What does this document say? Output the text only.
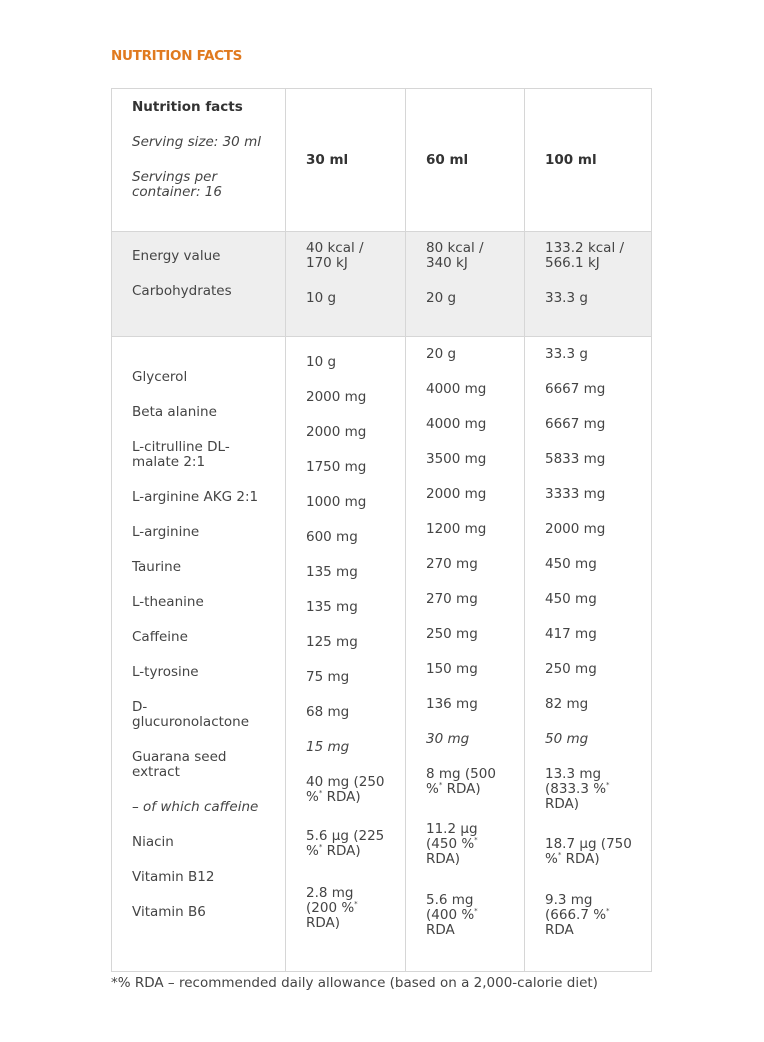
NUTRITION FACTS
Nutrition facts
Serving size: 30 ml
Servings per
container: 16
30 ml	60 ml	100 ml
Energy value
Carbohydrates
40 kcal /
170 kJ
10 g
80 kcal /
340 kJ
20 g
133.2 kcal /
566.1 kJ
33.3 g
Glycerol
Beta alanine
L-citrulline DL-
malate 2:1
L-arginine AKG 2:1
L-arginine
Taurine
L-theanine
Caffeine
L-tyrosine
D-
glucuronolactone
Guarana seed
extract
– of which caffeine
Niacin
Vitamin B12
Vitamin B6
10 g
2000 mg
2000 mg
1750 mg
1000 mg
600 mg
135 mg
135 mg
125 mg
75 mg
68 mg
15 mg
40 mg (250
%* RDA)
5.6 µg (225
%* RDA)
2.8 mg
(200 %*
RDA)
20 g
4000 mg
4000 mg
3500 mg
2000 mg
1200 mg
270 mg
270 mg
250 mg
150 mg
136 mg
30 mg
8 mg (500
%* RDA)
11.2 µg
(450 %*
RDA)
5.6 mg
(400 %*
RDA
33.3 g
6667 mg
6667 mg
5833 mg
3333 mg
2000 mg
450 mg
450 mg
417 mg
250 mg
82 mg
50 mg
13.3 mg
(833.3 %*
RDA)
18.7 µg (750
%* RDA)
9.3 mg
(666.7 %*
RDA
*% RDA – recommended daily allowance (based on a 2,000-calorie diet)
